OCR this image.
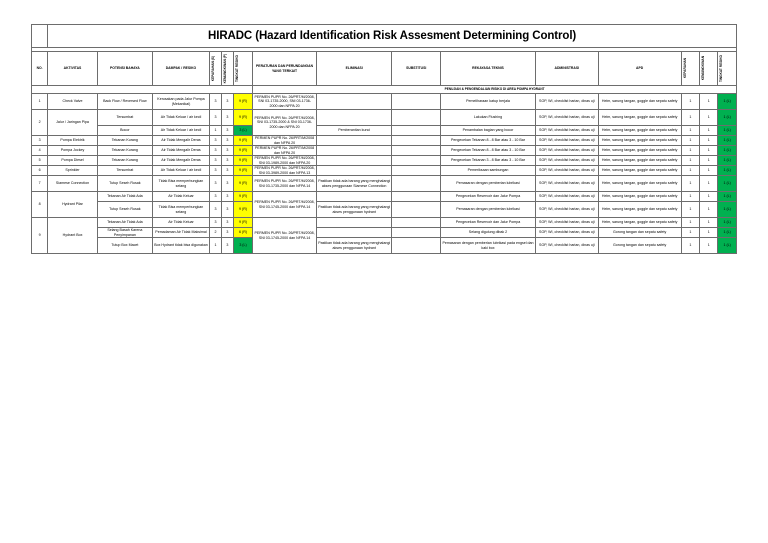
	HIRADC (Hazard Identification Risk Assesment Determining Control)														

NO.	AKTIVITAS	POTENSI BAHAYA	DAMPAK / RESIKO	KEPARAHAN (S)	KEMUNGKINAN (P)	TINGKAT RESIKO	PERATURAN DAN PERUNDANGAN YANG TERKAIT	ELIMINASI	SUBSTITUSI	REKAYASA TEKNIS	ADMINISTRASI	APD	KEPARAHAN	KEMUNGKINAN	TINGKAT RESIKO

							PENUJIAN & PENGENDALIAN RISIKO DI AREA POMPA HYDRANT								
1	Check Valve	Back Flow / Reversed Flow	Kerusakan pada Jalur Pompa (Mekanikal)	3	3	9 (R)	PERMEN PUPR No. 26/PRT/M/2008, SNI 03-1735-2000, SNI 03-1736-2000 dan NFPA 20			Pemeliharaan katup berjala	SOP, WI, checklist harian, dinas uji	Helm, sarung tangan, goggle dan sepatu safety	1	1	1 (L)
2	Jalur / Jaringan Pipa	Tersumbat	Air Tidak Keluar / air kecil	3	3	9 (R)	PERMEN PUPR No. 26/PRT/M/2008, SNI 03-1735-2000 & SNI 03-1736-2000 dan NFPA 20			Lakukan Flushing	SOP, WI, checklist harian, dinas uji	Helm, sarung tangan, goggle dan sepatu safety	1	1	1 (L)
		Bocor	Air Tidak Keluar / air kecil	1	3	3 (L)		Pemberantian kunci		Penambalan bagian yang bocor	SOP, WI, checklist harian, dinas uji	Helm, sarung tangan, goggle dan sepatu safety	1	1	1 (L)
3	Pompa Elektrik	Tekanan Kurang	Air Tidak Mengalir Deras	3	3	9 (R)	PERMEN PUPR No. 26/PRT/M/2008 dan NFPA 20			Pengecekan Tekanan 8 - 8 Bar atau 3 - 10 Bar	SOP, WI, checklist harian, dinas uji	Helm, sarung tangan, goggle dan sepatu safety	1	1	1 (L)
4	Pompa Jockey	Tekanan Kurang	Air Tidak Mengalir Deras	3	3	9 (R)	PERMEN PUPR No. 26/PRT/M/2008 dan NFPA 20			Pengecekan Tekanan 8 - 8 Bar atau 3 - 10 Bar	SOP, WI, checklist harian, dinas uji	Helm, sarung tangan, goggle dan sepatu safety	1	1	1 (L)
5	Pompa Diesel	Tekanan Kurang	Air Tidak Mengalir Deras	3	3	9 (R)	PERMEN PUPR No. 26/PRT/M/2008, SNI 03-1989-2000 dan NFPA 20			Pengecekan Tekanan 3 - 8 Bar atau 3 - 10 Bar	SOP, WI, checklist harian, dinas uji	Helm, sarung tangan, goggle dan sepatu safety	1	1	1 (L)
6	Sprinkler	Tersumbat	Air Tidak Keluar / air kecil	3	3	9 (R)	PERMEN PUPR No. 26/PRT/M/2008, SNI 03-3989-2000 dan NFPA 13			Pemeriksaan sambungan	SOP, WI, checklist harian, dinas uji	Helm, sarung tangan, goggle dan sepatu safety	1	1	1 (L)
7	Siamese Connection	Tutup Seseh Rusak	Tidak Bisa memperbungkan selang	3	3	9 (R)	PERMEN PUPR No. 26/PRT/M/2008, SNI 03-1735-2000 dan NFPA 14	Pastikan tidak ada barang yang menghalangi akses penggunaan Siamese Connection		Pemasaran dengan pemberian lubrikasi	SOP, WI, checklist harian, dinas uji	Helm, sarung tangan, goggle dan sepatu safety	1	1	1 (L)
8	Hydrant Pilar	Tekanan Air Tidak Ada	Air Tidak Keluar	3	3	9 (R)	PERMEN PUPR No. 26/PRT/M/2008, SNI 03-1745-2000 dan NFPA 14			Pengecekan Reservoir dan Jalur Pompa	SOP, WI, checklist harian, dinas uji	Helm, sarung tangan, goggle dan sepatu safety	1	1	1 (L)
		Tutup Seseh Rusak	Tidak Bisa memperbungkan selang	3	3	9 (R)		Pastikan tidak ada barang yang menghalangi akses penggunaan hydrant		Pemasaran dengan pemberian lubrikasi	SOP, WI, checklist harian, dinas uji	Helm, sarung tangan, goggle dan sepatu safety	1	1	1 (L)
9	Hydrant Box	Tekanan Air Tidak Ada	Air Tidak Keluar	3	3	9 (R)	PERMEN PUPR No. 26/PRT/M/2008, SNI 03-1745-2000 dan NFPA 14			Pengecekan Reservoir dan Jalur Pompa	SOP, WI, checklist harian, dinas uji	Helm, sarung tangan, goggle dan sepatu safety	1	1	1 (L)
		Selang Basah Karena Penyimpanan	Pemadaman Air Tidak Maksimal	2	3	6 (R)				Selang digulung dibak 2	SOP, WI, checklist harian, dinas uji	Gorong tangan dan sepatu safety	1	1	1 (L)
		Tutup Box Macet	Box Hydrant tidak bisa digunakan	1	3	3 (L)		Pastikan tidak ada barang yang menghalangi akses penggunaan hydrant		Pemasaran dengan pemberian lubrikasi pada engsel dan kaki box	SOP, WI, checklist harian, dinas uji	Gorong tangan dan sepatu safety	1	1	1 (L)
